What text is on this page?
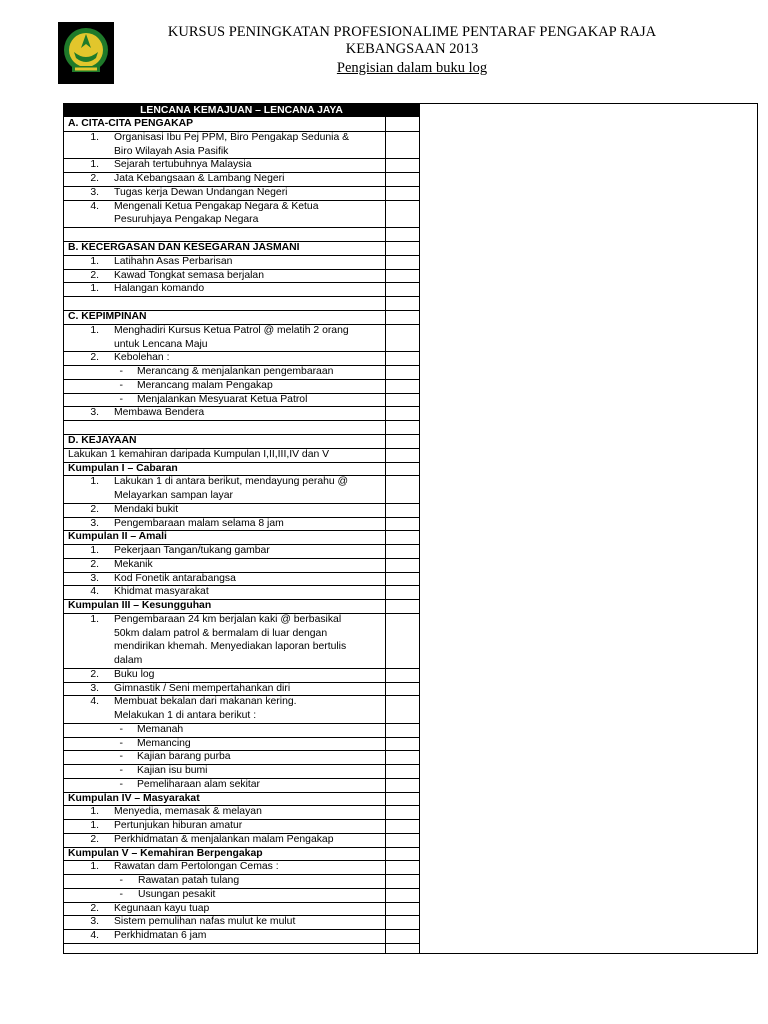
KURSUS PENINGKATAN PROFESIONALIME PENTARAF PENGAKAP RAJA
KEBANGSAAN 2013
Pengisian dalam buku log
LENCANA KEMAJUAN – LENCANA JAYA
A. CITA-CITA PENGAKAP
1. Organisasi Ibu Pej PPM, Biro Pengakap Sedunia &
Biro Wilayah Asia Pasifik
1. Sejarah tertubuhnya Malaysia
2. Jata Kebangsaan & Lambang Negeri
3. Tugas kerja Dewan Undangan Negeri
4. Mengenali Ketua Pengakap Negara & Ketua
Pesuruhjaya Pengakap Negara
B. KECERGASAN DAN KESEGARAN JASMANI
1. Latihahn Asas Perbarisan
2. Kawad Tongkat semasa berjalan
1. Halangan komando
C. KEPIMPINAN
1. Menghadiri Kursus Ketua Patrol @ melatih 2 orang
untuk Lencana Maju
2. Kebolehan :
- Merancang & menjalankan pengembaraan
- Merancang malam Pengakap
- Menjalankan Mesyuarat Ketua Patrol
3. Membawa Bendera
D. KEJAYAAN
Lakukan 1 kemahiran daripada Kumpulan I,II,III,IV dan V
Kumpulan I – Cabaran
1. Lakukan 1 di antara berikut, mendayung perahu @
Melayarkan sampan layar
2. Mendaki bukit
3. Pengembaraan malam selama 8 jam
Kumpulan II – Amali
1. Pekerjaan Tangan/tukang gambar
2. Mekanik
3. Kod Fonetik antarabangsa
4. Khidmat masyarakat
Kumpulan III – Kesungguhan
1. Pengembaraan 24 km berjalan kaki @ berbasikal
50km dalam patrol & bermalam di luar dengan
mendirikan khemah. Menyediakan laporan bertulis
dalam
2. Buku log
3. Gimnastik / Seni mempertahankan diri
4. Membuat bekalan dari makanan kering.
Melakukan 1 di antara berikut :
- Memanah
- Memancing
- Kajian barang purba
- Kajian isu bumi
- Pemeliharaan alam sekitar
Kumpulan IV – Masyarakat
1. Menyedia, memasak & melayan
1. Pertunjukan hiburan amatur
2. Perkhidmatan & menjalankan malam Pengakap
Kumpulan V – Kemahiran Berpengakap
1. Rawatan dam Pertolongan Cemas :
- Rawatan patah tulang
- Usungan pesakit
2. Kegunaan kayu tuap
3. Sistem pemulihan nafas mulut ke mulut
4. Perkhidmatan 6 jam
